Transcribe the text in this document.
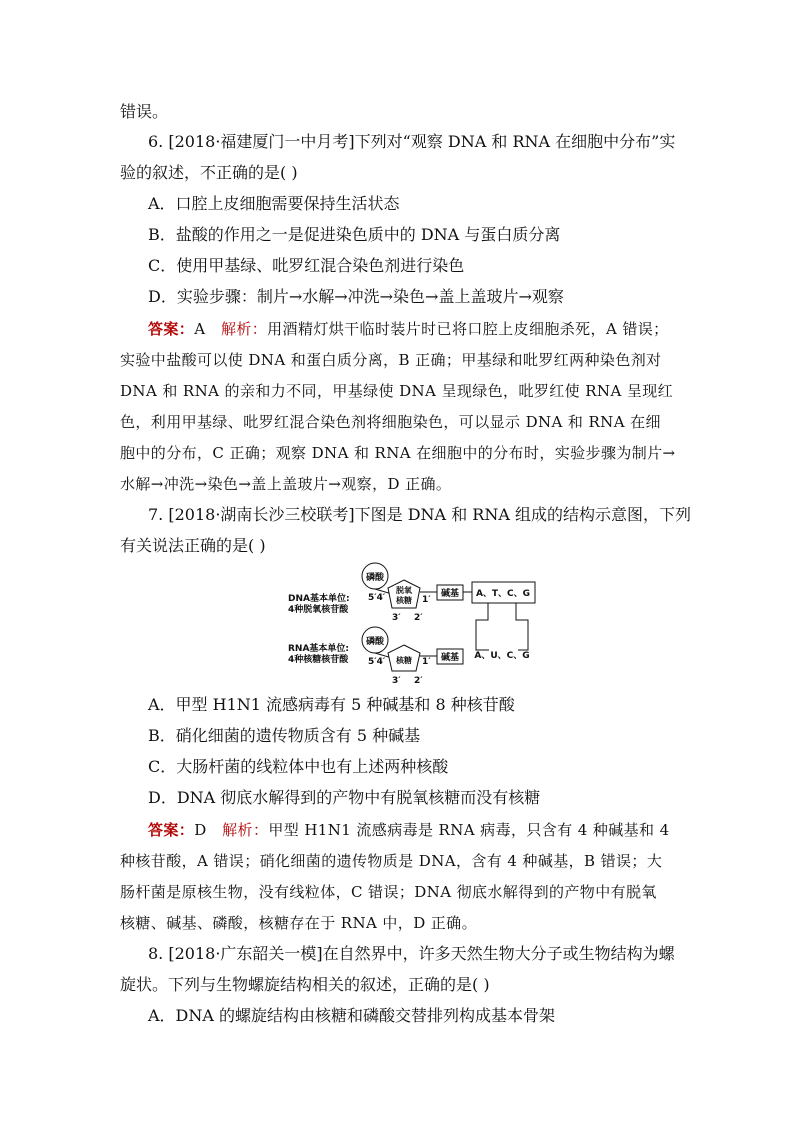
错误。
6. [2018·福建厦门一中月考]下列对“观察 DNA 和 RNA 在细胞中分布”实
验的叙述，不正确的是( )
A．口腔上皮细胞需要保持生活状态
B．盐酸的作用之一是促进染色质中的 DNA 与蛋白质分离
C．使用甲基绿、吡罗红混合染色剂进行染色
D．实验步骤：制片→水解→冲洗→染色→盖上盖玻片→观察
答案：A 解析：用酒精灯烘干临时装片时已将口腔上皮细胞杀死，A 错误；
实验中盐酸可以使 DNA 和蛋白质分离，B 正确；甲基绿和吡罗红两种染色剂对
DNA 和 RNA 的亲和力不同，甲基绿使 DNA 呈现绿色，吡罗红使 RNA 呈现红
色，利用甲基绿、吡罗红混合染色剂将细胞染色，可以显示 DNA 和 RNA 在细
胞中的分布，C 正确；观察 DNA 和 RNA 在细胞中的分布时，实验步骤为制片→
水解→冲洗→染色→盖上盖玻片→观察，D 正确。
7. [2018·湖南长沙三校联考]下图是 DNA 和 RNA 组成的结构示意图，下列
有关说法正确的是( )
磷酸
脱氧
核糖
5′4′	1′
3′ 2′
碱基
DNA基本单位:
4种脱氧核苷酸
A、T、C、G
A、U、C、G
磷酸
核糖
5′4′	1′
3′ 2′
碱基
RNA基本单位:
4种核糖核苷酸
A．甲型 H1N1 流感病毒有 5 种碱基和 8 种核苷酸
B．硝化细菌的遗传物质含有 5 种碱基
C．大肠杆菌的线粒体中也有上述两种核酸
D．DNA 彻底水解得到的产物中有脱氧核糖而没有核糖
答案：D 解析：甲型 H1N1 流感病毒是 RNA 病毒，只含有 4 种碱基和 4
种核苷酸，A 错误；硝化细菌的遗传物质是 DNA，含有 4 种碱基，B 错误；大
肠杆菌是原核生物，没有线粒体，C 错误；DNA 彻底水解得到的产物中有脱氧
核糖、碱基、磷酸，核糖存在于 RNA 中，D 正确。
8. [2018·广东韶关一模]在自然界中，许多天然生物大分子或生物结构为螺
旋状。下列与生物螺旋结构相关的叙述，正确的是( )
A．DNA 的螺旋结构由核糖和磷酸交替排列构成基本骨架
